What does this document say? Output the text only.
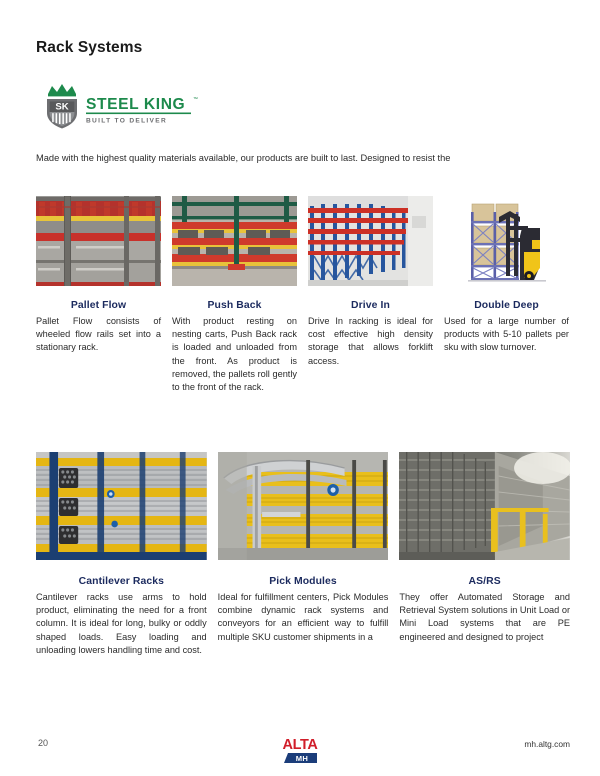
Rack Systems
SK STEEL KING ™
BUILT TO DELIVER
Made with the highest quality materials available, our products are built to last. Designed to resist the
Pallet Flow
Pallet Flow consists of wheeled flow rails set into a stationary rack.
Push Back
With product resting on nesting carts, Push Back rack is loaded and unloaded from the front. As product is removed, the pallets roll gently to the front of the rack.
Drive In
Drive In racking is ideal for cost effective high density storage that allows forklift access.
Double Deep
Used for a large number of products with 5-10 pallets per sku with slow turnover.
Cantilever Racks
Cantilever racks use arms to hold product, eliminating the need for a front column. It is ideal for long, bulky or oddly shaped loads. Easy loading and unloading lowers handling time and cost.
Pick Modules
Ideal for fulfillment centers, Pick Modules combine dynamic rack systems and conveyors for an efficient way to fulfill multiple SKU customer shipments in a
AS/RS
They offer Automated Storage and Retrieval System solutions in Unit Load or Mini Load systems that are PE engineered and designed to project
20	ALTA
MH
mh.altg.com
